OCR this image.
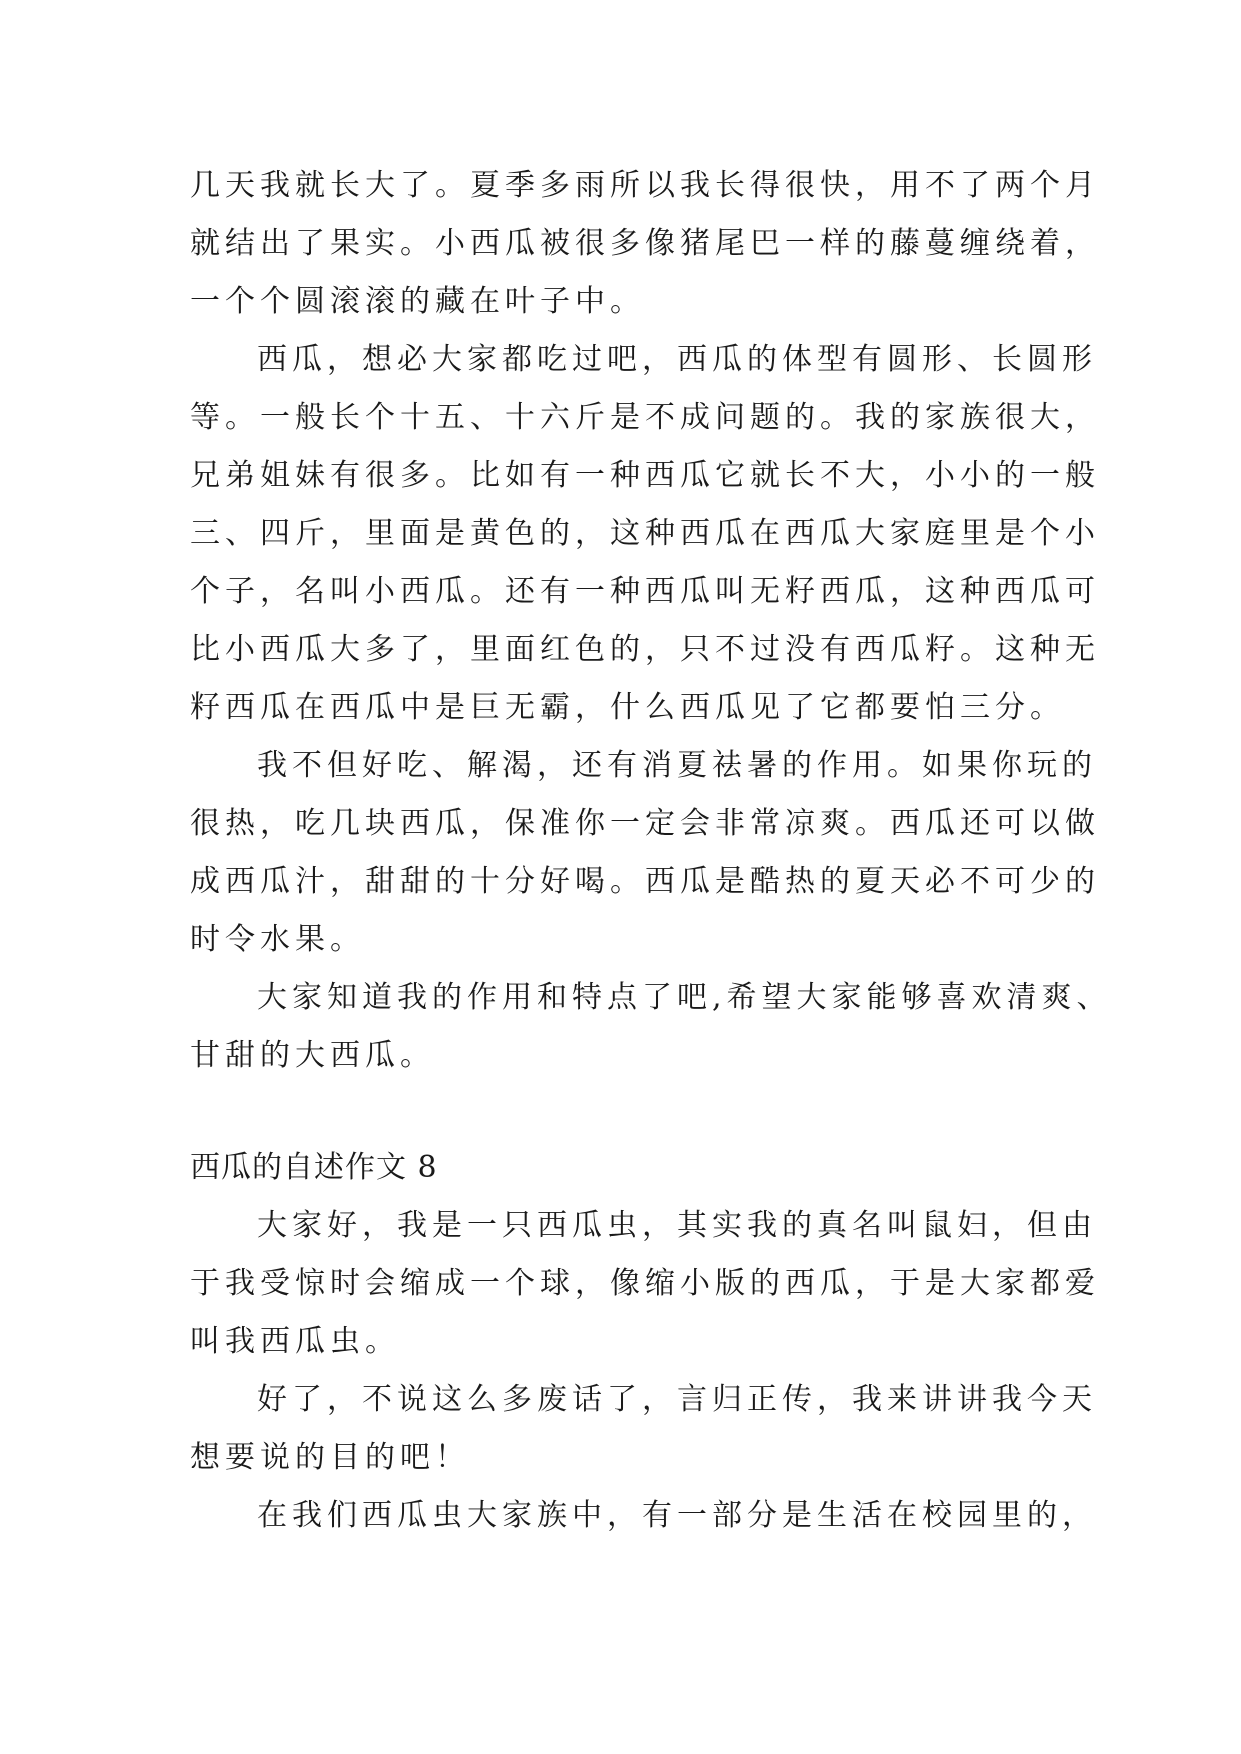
几天我就长大了。夏季多雨所以我长得很快，用不了两个月
就结出了果实。小西瓜被很多像猪尾巴一样的藤蔓缠绕着，
一个个圆滚滚的藏在叶子中。
西瓜，想必大家都吃过吧，西瓜的体型有圆形、长圆形
等。一般长个十五、十六斤是不成问题的。我的家族很大，
兄弟姐妹有很多。比如有一种西瓜它就长不大，小小的一般
三、四斤，里面是黄色的，这种西瓜在西瓜大家庭里是个小
个子，名叫小西瓜。还有一种西瓜叫无籽西瓜，这种西瓜可
比小西瓜大多了，里面红色的，只不过没有西瓜籽。这种无
籽西瓜在西瓜中是巨无霸，什么西瓜见了它都要怕三分。
我不但好吃、解渴，还有消夏祛暑的作用。如果你玩的
很热，吃几块西瓜，保准你一定会非常凉爽。西瓜还可以做
成西瓜汁，甜甜的十分好喝。西瓜是酷热的夏天必不可少的
时令水果。
大家知道我的作用和特点了吧,希望大家能够喜欢清爽、
甘甜的大西瓜。
西瓜的自述作文 8
大家好，我是一只西瓜虫，其实我的真名叫鼠妇，但由
于我受惊时会缩成一个球，像缩小版的西瓜，于是大家都爱
叫我西瓜虫。
好了，不说这么多废话了，言归正传，我来讲讲我今天
想要说的目的吧！
在我们西瓜虫大家族中，有一部分是生活在校园里的，
